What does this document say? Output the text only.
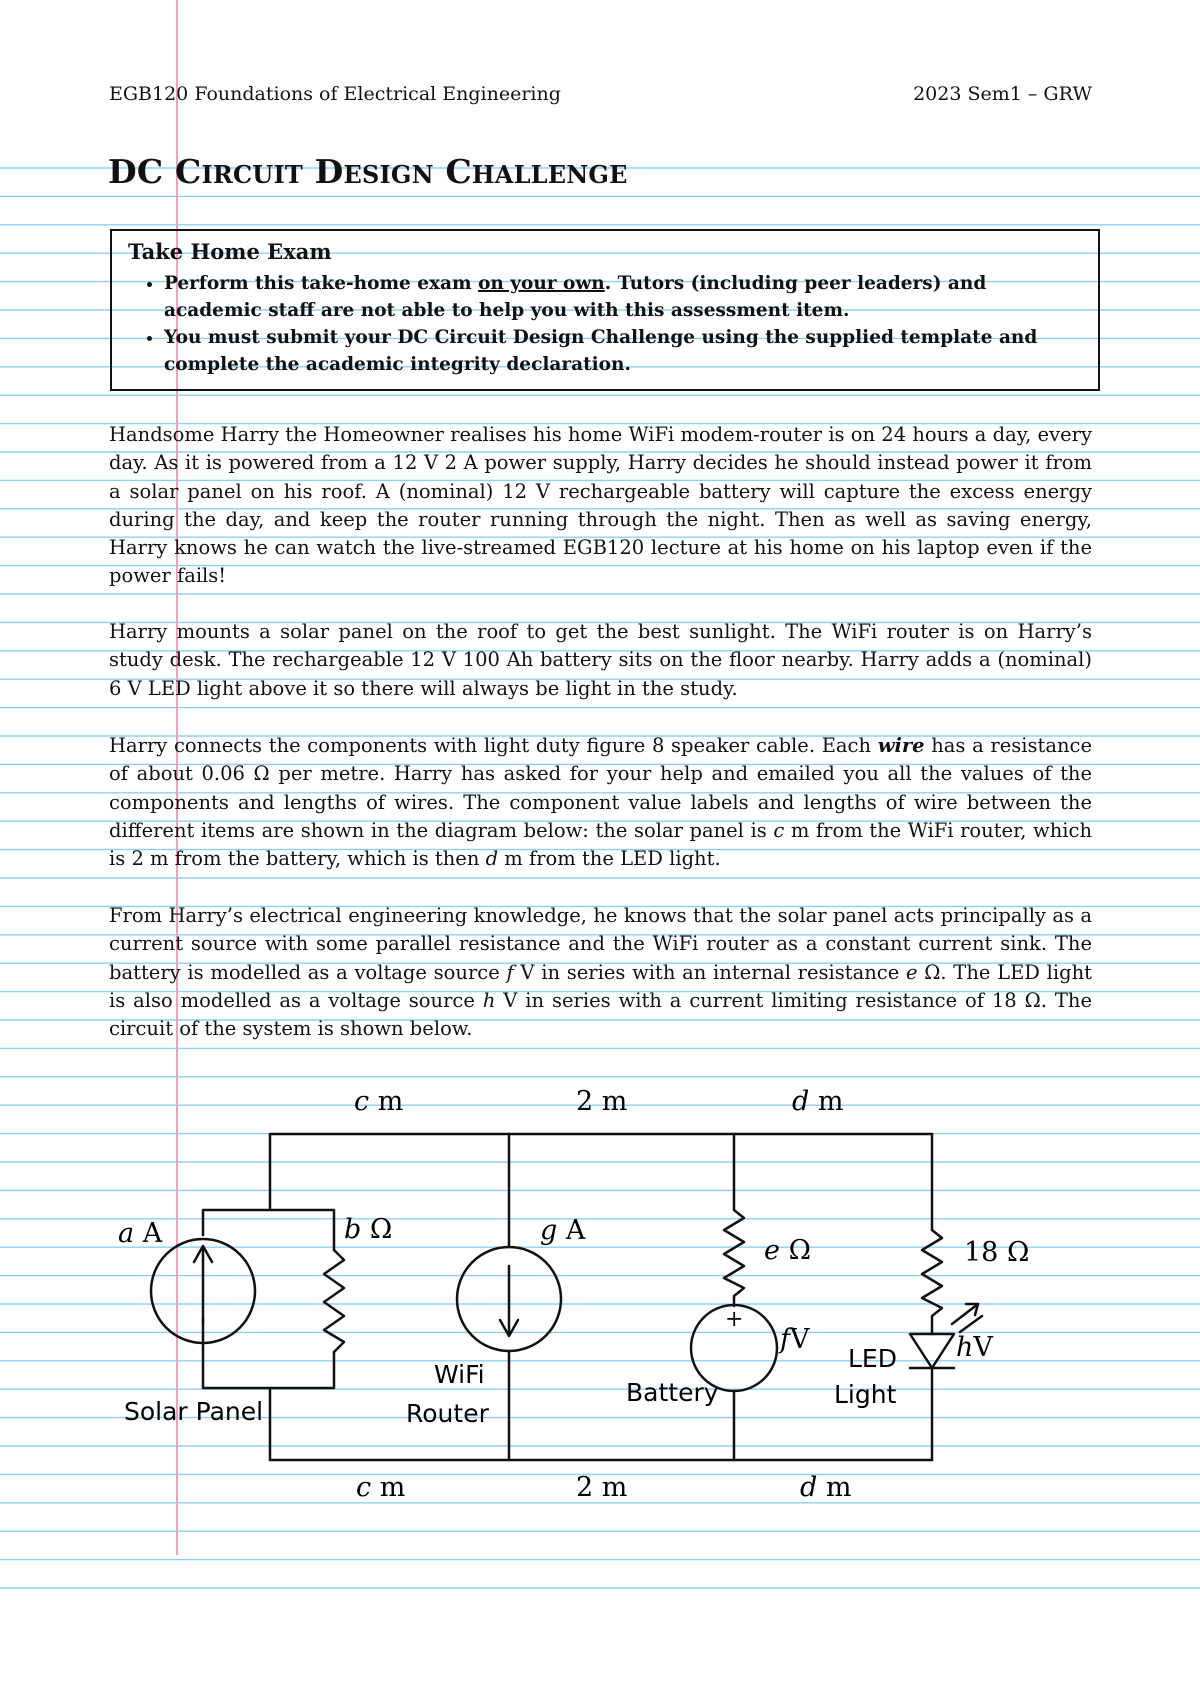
EGB120 Foundations of Electrical Engineering	2023 Sem1 – GRW
DC CIRCUIT DESIGN CHALLENGE
Take Home Exam
• Perform this take-home exam on your own. Tutors (including peer leaders) and academic staff are not able to help you with this assessment item.
• You must submit your DC Circuit Design Challenge using the supplied template and complete the academic integrity declaration.
Handsome Harry the Homeowner realises his home WiFi modem-router is on 24 hours a day, every day. As it is powered from a 12 V 2 A power supply, Harry decides he should instead power it from a solar panel on his roof. A (nominal) 12 V rechargeable battery will capture the excess energy during the day, and keep the router running through the night. Then as well as saving energy, Harry knows he can watch the live-streamed EGB120 lecture at his home on his laptop even if the power fails!
Harry mounts a solar panel on the roof to get the best sunlight. The WiFi router is on Harry’s study desk. The rechargeable 12 V 100 Ah battery sits on the floor nearby. Harry adds a (nominal) 6 V LED light above it so there will always be light in the study.
Harry connects the components with light duty figure 8 speaker cable. Each wire has a resistance of about 0.06 Ω per metre. Harry has asked for your help and emailed you all the values of the components and lengths of wires. The component value labels and lengths of wire between the different items are shown in the diagram below: the solar panel is c m from the WiFi router, which is 2 m from the battery, which is then d m from the LED light.
From Harry’s electrical engineering knowledge, he knows that the solar panel acts principally as a current source with some parallel resistance and the WiFi router as a constant current sink. The battery is modelled as a voltage source f V in series with an internal resistance e Ω. The LED light is also modelled as a voltage source h V in series with a current limiting resistance of 18 Ω. The circuit of the system is shown below.
c m	2 m	d m
c m	2 m	d m
a A	b Ω	g A
e Ω
+
fV
18 Ω
hV
Solar Panel
WiFi
Router
Battery
LED
Light
